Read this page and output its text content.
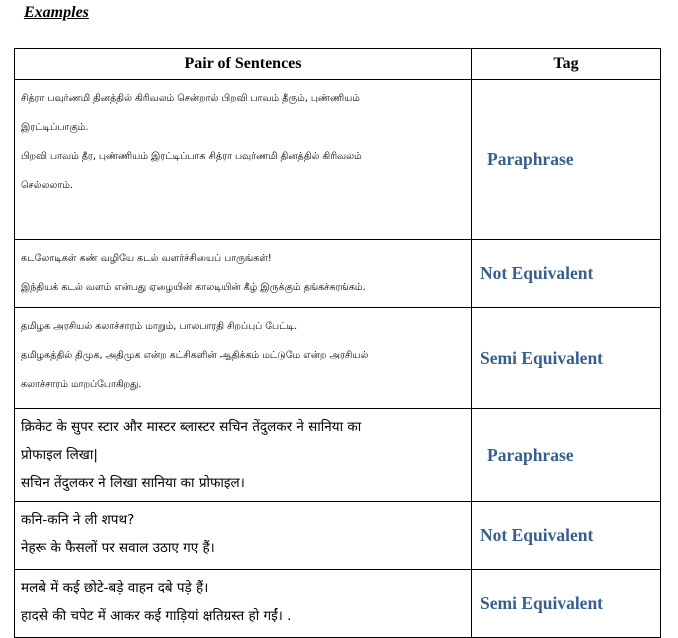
Examples
Pair of Sentences	Tag

சித்ரா பவுர்ணமி தினத்தில் கிரிவலம் சென்றால் பிறவி பாவம் தீரும், புண்ணியம்
இரட்டிப்பாகும்.
பிறவி பாவம் தீர, புண்ணியம் இரட்டிப்பாக சித்ரா பவுர்ணமி தினத்தில் கிரிவலம்
செல்லலாம்.	Paraphrase

கடலோடிகள் கண் வழியே கடல் வளர்ச்சியைப் பாருங்கள்!
இந்தியக் கடல் வளம் என்பது ஏழையின் காலடியின் கீழ் இருக்கும் தங்கச்சுரங்கம்.	Not Equivalent

தமிழக அரசியல் கலாச்சாரம் மாறும், பாலபாரதி சிறப்புப் பேட்டி.
தமிழகத்தில் திமுக, அதிமுக என்ற கட்சிகளின் ஆதிக்கம் மட்டுமே என்ற அரசியல்
கலாச்சாரம் மாறப்போகிறது.	Semi Equivalent

क्रिकेट के सुपर स्टार और मास्टर ब्लास्टर सचिन तेंदुलकर ने सानिया का
प्रोफाइल लिखा|
सचिन तेंदुलकर ने लिखा सानिया का प्रोफाइल।	Paraphrase

कनि-कनि ने ली शपथ?
नेहरू के फैसलों पर सवाल उठाए गए हैं।	Not Equivalent

मलबे में कई छोटे-बड़े वाहन दबे पड़े हैं।
हादसे की चपेट में आकर कई गाड़ियां क्षतिग्रस्त हो गईं। .	Semi Equivalent
